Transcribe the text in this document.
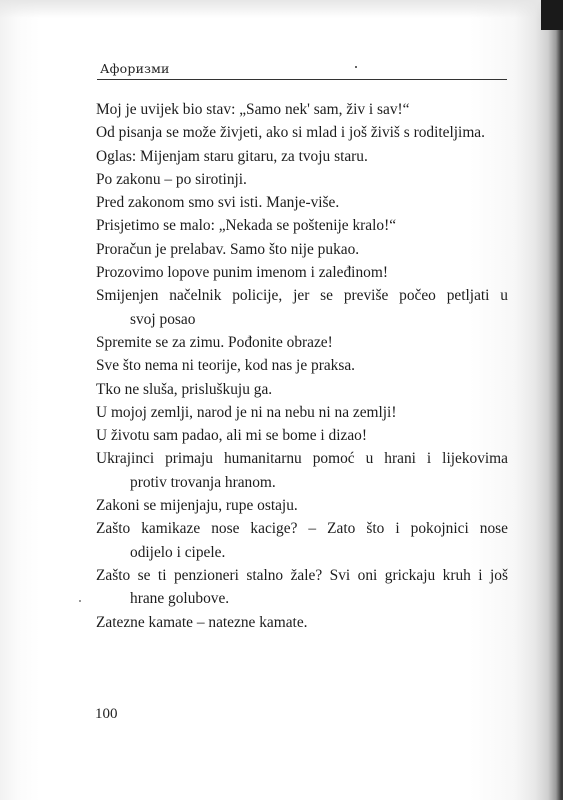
Афоризми

Moj je uvijek bio stav: „Samo nek' sam, živ i sav!“

Od pisanja se može živjeti, ako si mlad i još živiš s roditeljima.

Oglas: Mijenjam staru gitaru, za tvoju staru.

Po zakonu – po sirotinji.

Pred zakonom smo svi isti. Manje-više.

Prisjetimo se malo: „Nekada se poštenije kralo!“

Proračun je prelabav. Samo što nije pukao.

Prozovimo lopove punim imenom i zaleđinom!

Smijenjen načelnik policije, jer se previše počeo petljati u

svoj posao

Spremite se za zimu. Pođonite obraze!

Sve što nema ni teorije, kod nas je praksa.

Tko ne sluša, prisluškuju ga.

U mojoj zemlji, narod je ni na nebu ni na zemlji!

U životu sam padao, ali mi se bome i dizao!

Ukrajinci primaju humanitarnu pomoć u hrani i lijekovima

protiv trovanja hranom.

Zakoni se mijenjaju, rupe ostaju.

Zašto kamikaze nose kacige? – Zato što i pokojnici nose

odijelo i cipele.

Zašto se ti penzioneri stalno žale? Svi oni grickaju kruh i još

hrane golubove.

Zatezne kamate – natezne kamate.

100
